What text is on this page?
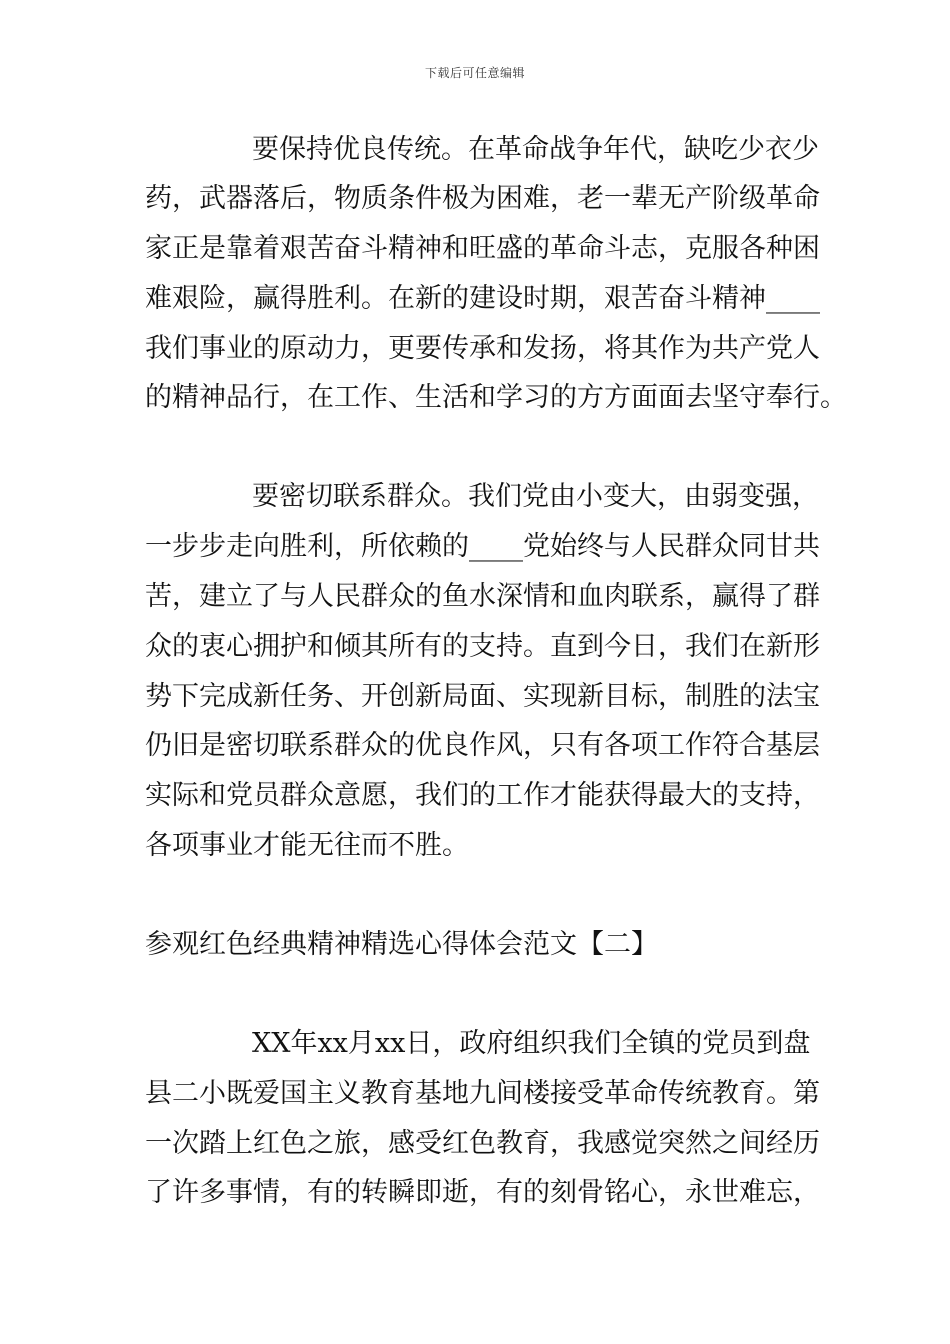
下载后可任意编辑
要保持优良传统。在革命战争年代，缺吃少衣少
药，武器落后，物质条件极为困难，老一辈无产阶级革命
家正是靠着艰苦奋斗精神和旺盛的革命斗志，克服各种困
难艰险，赢得胜利。在新的建设时期，艰苦奋斗精神____
我们事业的原动力，更要传承和发扬，将其作为共产党人
的精神品行，在工作、生活和学习的方方面面去坚守奉行。
要密切联系群众。我们党由小变大，由弱变强，
一步步走向胜利，所依赖的____党始终与人民群众同甘共
苦，建立了与人民群众的鱼水深情和血肉联系，赢得了群
众的衷心拥护和倾其所有的支持。直到今日，我们在新形
势下完成新任务、开创新局面、实现新目标，制胜的法宝
仍旧是密切联系群众的优良作风，只有各项工作符合基层
实际和党员群众意愿，我们的工作才能获得最大的支持，
各项事业才能无往而不胜。
参观红色经典精神精选心得体会范文【二】
XX年xx月xx日，政府组织我们全镇的党员到盘
县二小既爱国主义教育基地九间楼接受革命传统教育。第
一次踏上红色之旅，感受红色教育，我感觉突然之间经历
了许多事情，有的转瞬即逝，有的刻骨铭心，永世难忘，
